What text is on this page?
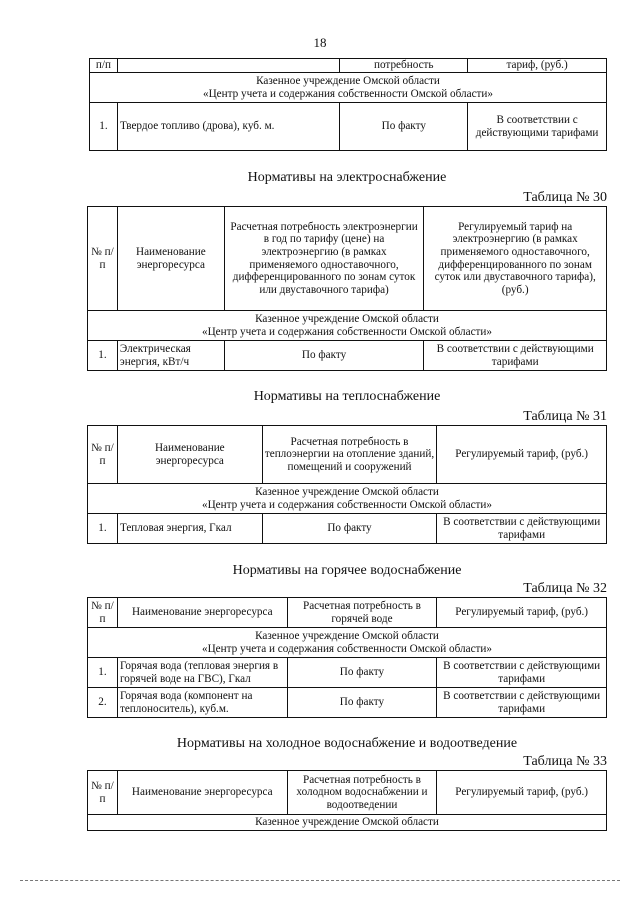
18
п/п		потребность	тариф, (руб.)

Казенное учреждение Омской области
«Центр учета и содержания собственности Омской области»			

1.	Твердое топливо (дрова), куб. м.	По факту	В соответствии с действующими тарифами

Нормативы на электроснабжение

Таблица № 30

№ п/п	Наименование энергоресурса	Расчетная потребность электроэнергии в год по тарифу (цене) на электроэнергию (в рамках применяемого одноставочного, дифференцированного по зонам суток или двуставочного тарифа)	Регулируемый тариф на электроэнергию (в рамках применяемого одноставочного, дифференцированного по зонам суток или двуставочного тарифа), (руб.)

Казенное учреждение Омской области
«Центр учета и содержания собственности Омской области»			

1.	Электрическая энергия, кВт/ч	По факту	В соответствии с действующими тарифами

Нормативы на теплоснабжение

Таблица № 31

№ п/п	Наименование энергоресурса	Расчетная потребность в теплоэнергии на отопление зданий, помещений и сооружений	Регулируемый тариф, (руб.)

Казенное учреждение Омской области
«Центр учета и содержания собственности Омской области»			

1.	Тепловая энергия, Гкал	По факту	В соответствии с действующими тарифами

Нормативы на горячее водоснабжение

Таблица № 32

№ п/п	Наименование энергоресурса	Расчетная потребность в горячей воде	Регулируемый тариф, (руб.)

Казенное учреждение Омской области
«Центр учета и содержания собственности Омской области»			

1.	Горячая вода (тепловая энергия в горячей воде на ГВС), Гкал	По факту	В соответствии с действующими тарифами
2.	Горячая вода (компонент на теплоноситель), куб.м.	По факту	В соответствии с действующими тарифами

Нормативы на холодное водоснабжение и водоотведение

Таблица № 33

№ п/п	Наименование энергоресурса	Расчетная потребность в холодном водоснабжении и водоотведении	Регулируемый тариф, (руб.)
Казенное учреждение Омской области
